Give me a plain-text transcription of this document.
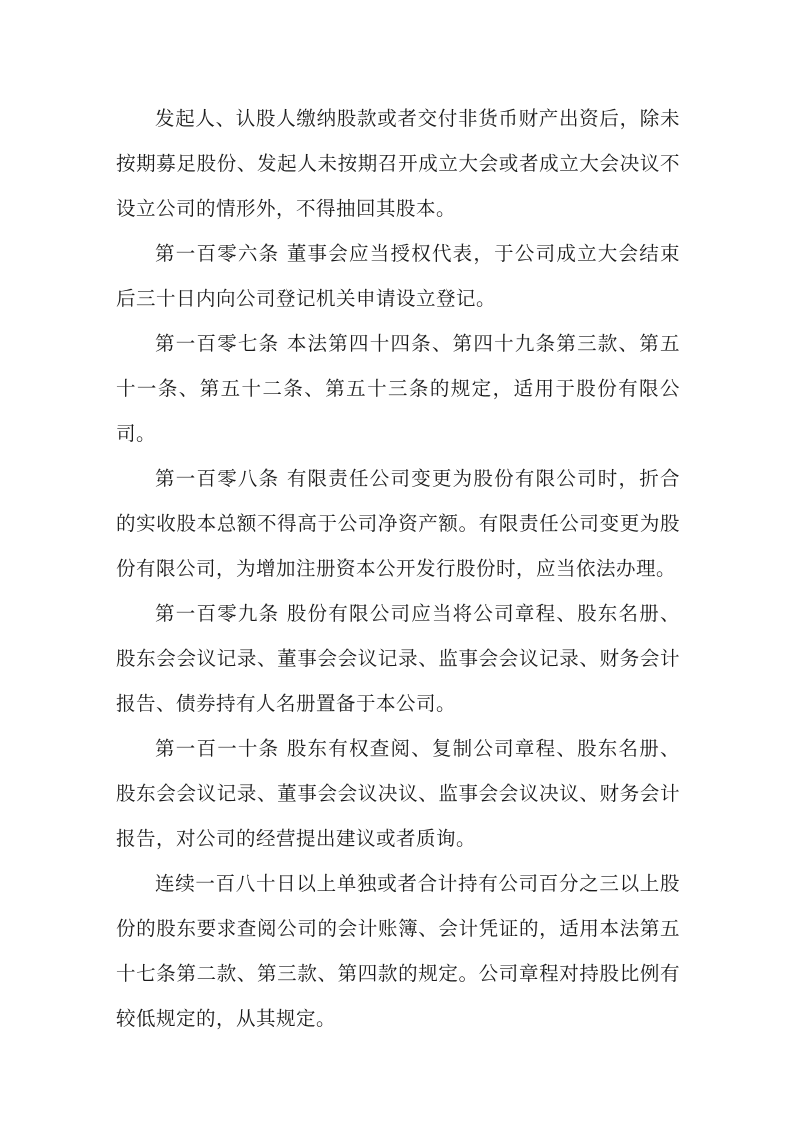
发起人、认股人缴纳股款或者交付非货币财产出资后，除未按期募足股份、发起人未按期召开成立大会或者成立大会决议不设立公司的情形外，不得抽回其股本。

第一百零六条 董事会应当授权代表，于公司成立大会结束后三十日内向公司登记机关申请设立登记。

第一百零七条 本法第四十四条、第四十九条第三款、第五十一条、第五十二条、第五十三条的规定，适用于股份有限公司。

第一百零八条 有限责任公司变更为股份有限公司时，折合的实收股本总额不得高于公司净资产额。有限责任公司变更为股份有限公司，为增加注册资本公开发行股份时，应当依法办理。

第一百零九条 股份有限公司应当将公司章程、股东名册、股东会会议记录、董事会会议记录、监事会会议记录、财务会计报告、债券持有人名册置备于本公司。

第一百一十条 股东有权查阅、复制公司章程、股东名册、股东会会议记录、董事会会议决议、监事会会议决议、财务会计报告，对公司的经营提出建议或者质询。

连续一百八十日以上单独或者合计持有公司百分之三以上股份的股东要求查阅公司的会计账簿、会计凭证的，适用本法第五十七条第二款、第三款、第四款的规定。公司章程对持股比例有较低规定的，从其规定。
